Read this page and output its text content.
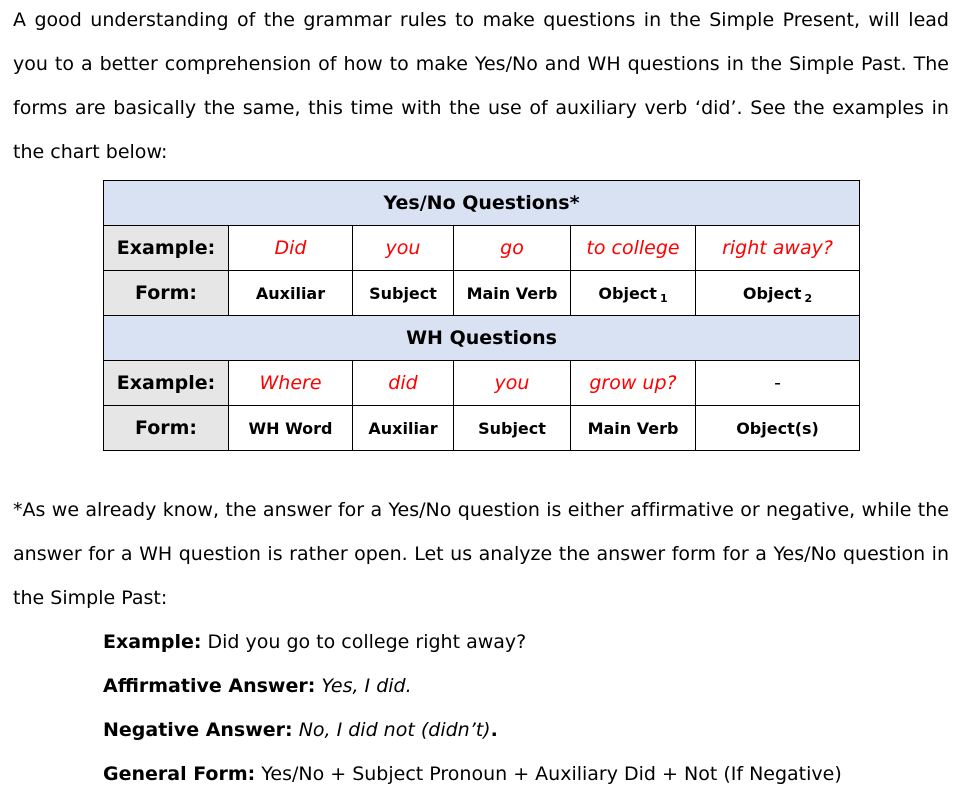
A good understanding of the grammar rules to make questions in the Simple Present, will lead you to a better comprehension of how to make Yes/No and WH questions in the Simple Past. The forms are basically the same, this time with the use of auxiliary verb ‘did’. See the examples in the chart below:

Yes/No Questions*					
Example:	Did	you	go	to college	right away?
Form:	Auxiliar	Subject	Main Verb	Object 1	Object 2
WH Questions					
Example:	Where	did	you	grow up?	-
Form:	WH Word	Auxiliar	Subject	Main Verb	Object(s)

*As we already know, the answer for a Yes/No question is either affirmative or negative, while the answer for a WH question is rather open. Let us analyze the answer form for a Yes/No question in the Simple Past:

Example: Did you go to college right away?
Affirmative Answer: Yes, I did.
Negative Answer: No, I did not (didn’t).
General Form: Yes/No + Subject Pronoun + Auxiliary Did + Not (If Negative)
